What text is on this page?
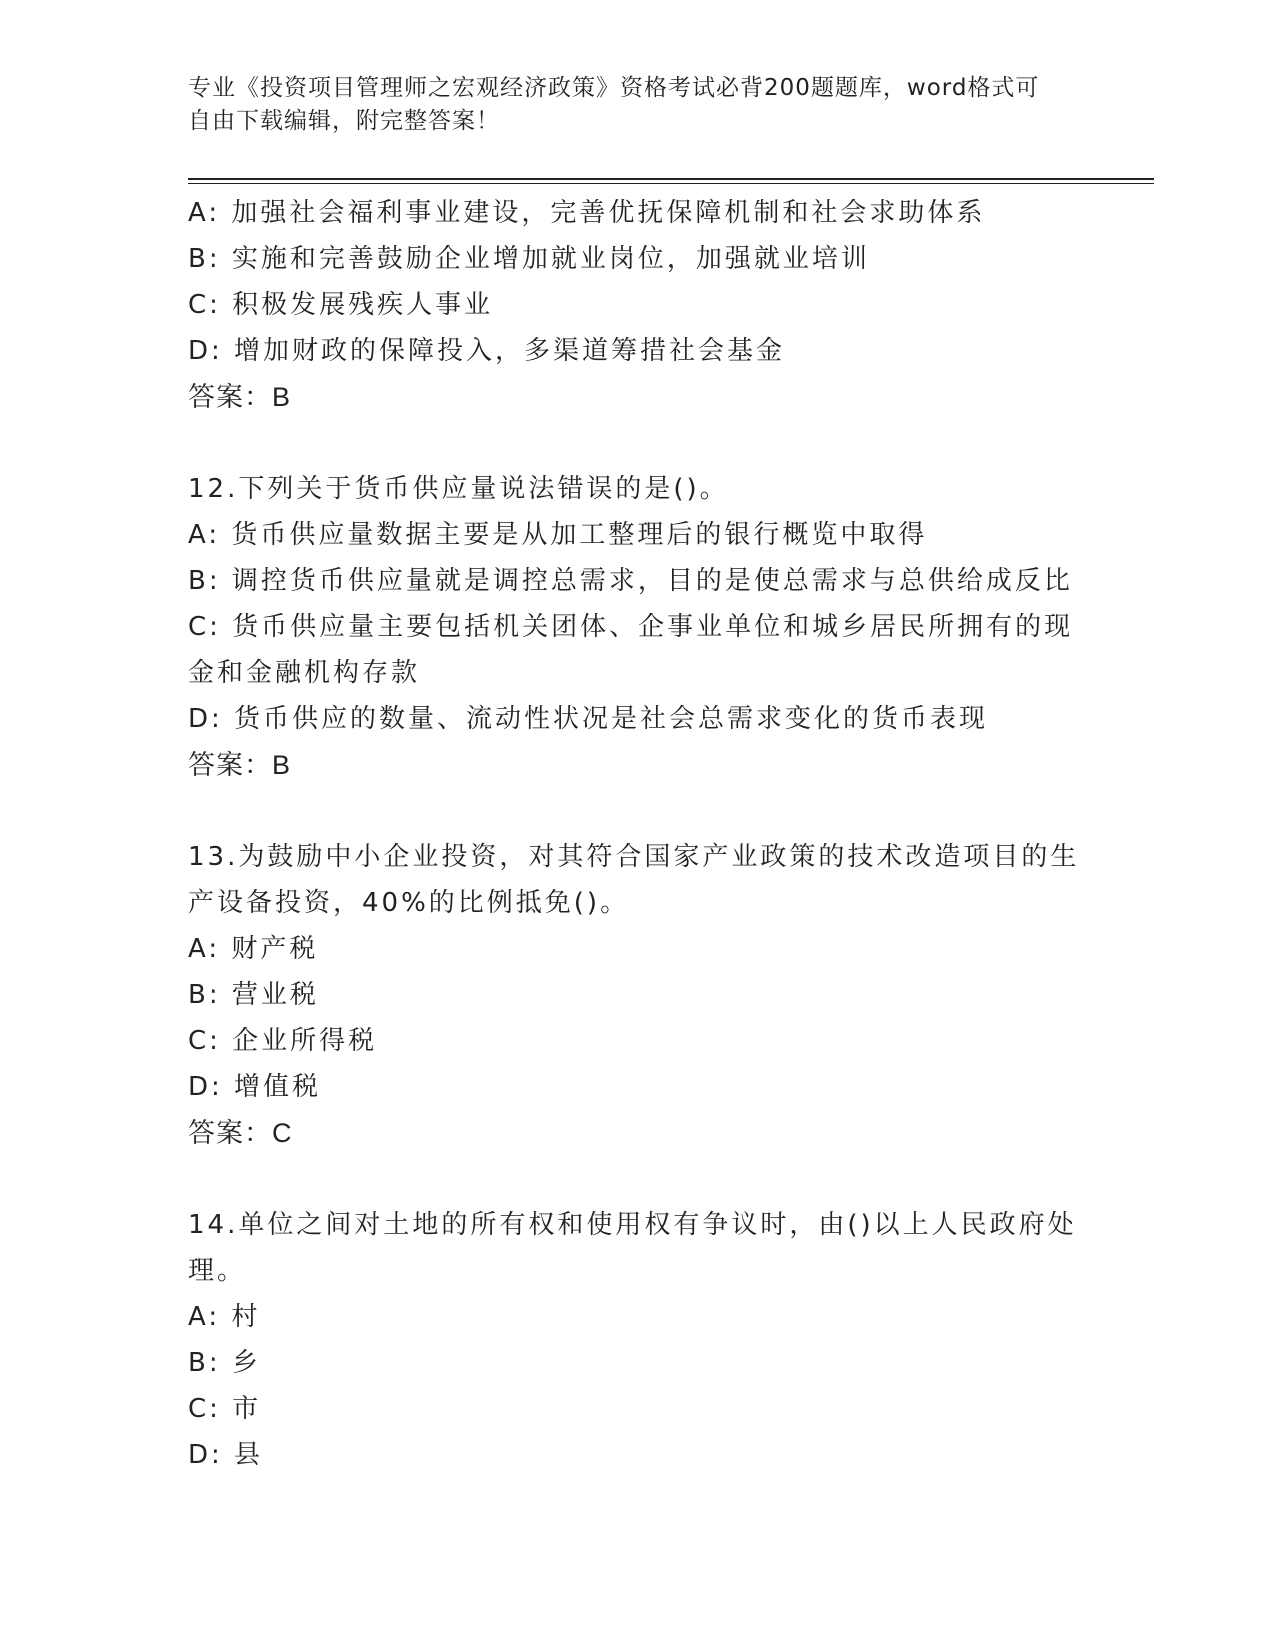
专业《投资项目管理师之宏观经济政策》资格考试必背200题题库，word格式可
自由下载编辑，附完整答案！
A: 加强社会福利事业建设，完善优抚保障机制和社会求助体系
B: 实施和完善鼓励企业增加就业岗位，加强就业培训
C: 积极发展残疾人事业
D: 增加财政的保障投入，多渠道筹措社会基金
答案：B
12.下列关于货币供应量说法错误的是()。
A: 货币供应量数据主要是从加工整理后的银行概览中取得
B: 调控货币供应量就是调控总需求，目的是使总需求与总供给成反比
C: 货币供应量主要包括机关团体、企事业单位和城乡居民所拥有的现
金和金融机构存款
D: 货币供应的数量、流动性状况是社会总需求变化的货币表现
答案：B
13.为鼓励中小企业投资，对其符合国家产业政策的技术改造项目的生
产设备投资，40%的比例抵免()。
A: 财产税
B: 营业税
C: 企业所得税
D: 增值税
答案：C
14.单位之间对土地的所有权和使用权有争议时，由()以上人民政府处
理。
A: 村
B: 乡
C: 市
D: 县
